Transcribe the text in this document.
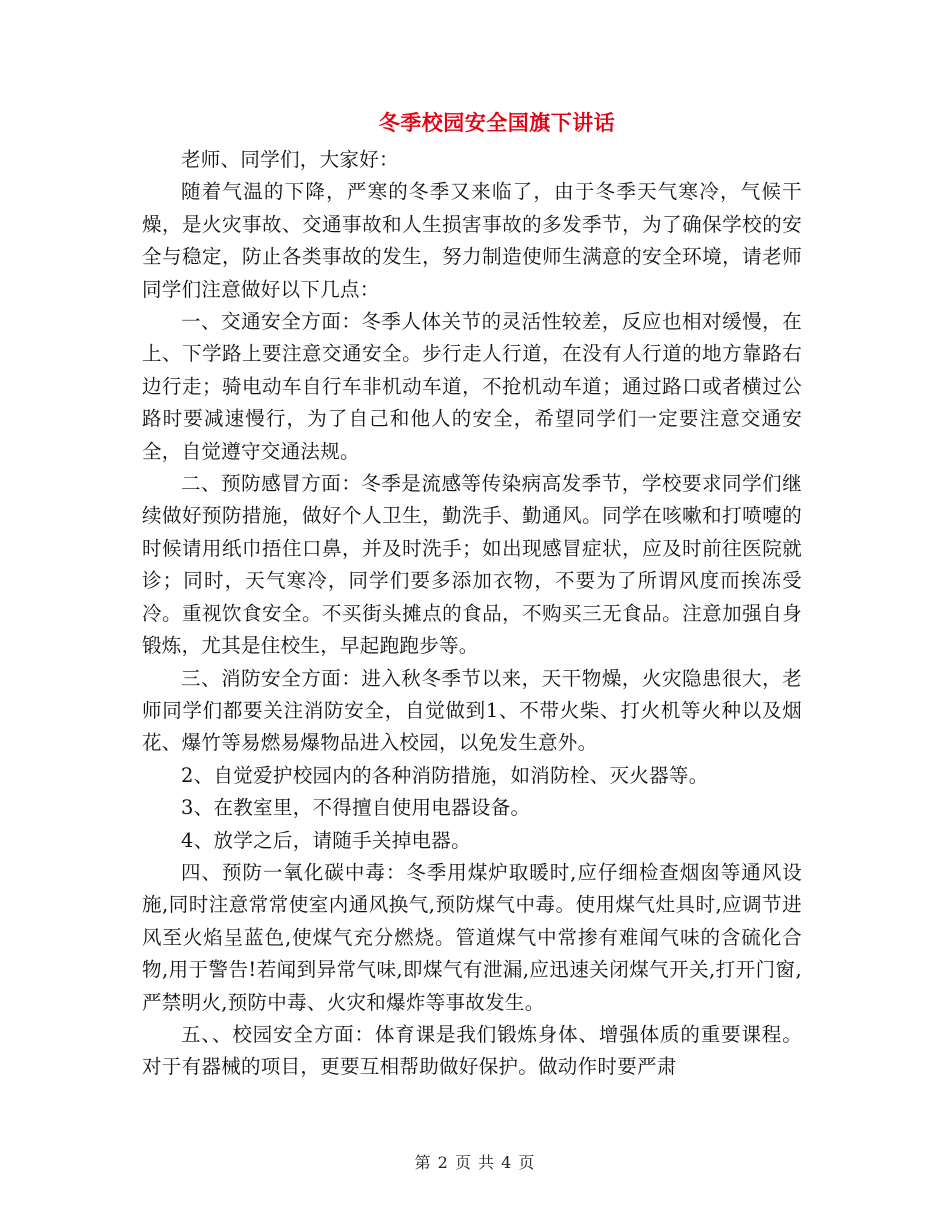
冬季校园安全国旗下讲话

老师、同学们，大家好：

随着气温的下降，严寒的冬季又来临了，由于冬季天气寒冷，气候干燥，是火灾事故、交通事故和人生损害事故的多发季节，为了确保学校的安全与稳定，防止各类事故的发生，努力制造使师生满意的安全环境，请老师同学们注意做好以下几点：

一、交通安全方面：冬季人体关节的灵活性较差，反应也相对缓慢，在上、下学路上要注意交通安全。步行走人行道，在没有人行道的地方靠路右边行走；骑电动车自行车非机动车道，不抢机动车道；通过路口或者横过公路时要减速慢行，为了自己和他人的安全，希望同学们一定要注意交通安全，自觉遵守交通法规。

二、预防感冒方面：冬季是流感等传染病高发季节，学校要求同学们继续做好预防措施，做好个人卫生，勤洗手、勤通风。同学在咳嗽和打喷嚏的时候请用纸巾捂住口鼻，并及时洗手；如出现感冒症状，应及时前往医院就诊；同时，天气寒冷，同学们要多添加衣物，不要为了所谓风度而挨冻受冷。重视饮食安全。不买街头摊点的食品，不购买三无食品。注意加强自身锻炼，尤其是住校生，早起跑跑步等。

三、消防安全方面：进入秋冬季节以来，天干物燥，火灾隐患很大，老师同学们都要关注消防安全，自觉做到1、不带火柴、打火机等火种以及烟花、爆竹等易燃易爆物品进入校园，以免发生意外。

2、自觉爱护校园内的各种消防措施，如消防栓、灭火器等。

3、在教室里，不得擅自使用电器设备。

4、放学之后，请随手关掉电器。

四、预防一氧化碳中毒：冬季用煤炉取暖时,应仔细检查烟囱等通风设施,同时注意常常使室内通风换气,预防煤气中毒。使用煤气灶具时,应调节进风至火焰呈蓝色,使煤气充分燃烧。管道煤气中常掺有难闻气味的含硫化合物,用于警告!若闻到异常气味,即煤气有泄漏,应迅速关闭煤气开关,打开门窗,严禁明火,预防中毒、火灾和爆炸等事故发生。

五、、校园安全方面：体育课是我们锻炼身体、增强体质的重要课程。对于有器械的项目，更要互相帮助做好保护。做动作时要严肃

第 2 页 共 4 页
